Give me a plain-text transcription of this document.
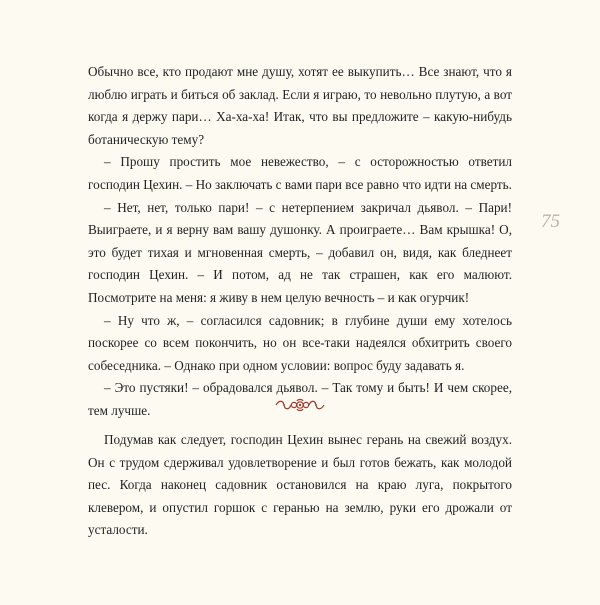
Обычно все, кто продают мне душу, хотят ее выкупить… Все знают, что я люблю играть и биться об заклад. Если я играю, то невольно плутую, а вот когда я держу пари… Ха-ха-ха! Итак, что вы предложите – какую-нибудь ботаническую тему?

– Прошу простить мое невежество, – с осторожностью ответил господин Цехин. – Но заключать с вами пари все равно что идти на смерть.

– Нет, нет, только пари! – с нетерпением закричал дьявол. – Пари! Выиграете, и я верну вам вашу душонку. А проиграете… Вам крышка! О, это будет тихая и мгновенная смерть, – добавил он, видя, как бледнеет господин Цехин. – И потом, ад не так страшен, как его малюют. Посмотрите на меня: я живу в нем целую вечность – и как огурчик!

– Ну что ж, – согласился садовник; в глубине души ему хотелось поскорее со всем покончить, но он все-таки надеялся обхитрить своего собеседника. – Однако при одном условии: вопрос буду задавать я.

– Это пустяки! – обрадовался дьявол. – Так тому и быть! И чем скорее, тем лучше.

75

Подумав как следует, господин Цехин вынес герань на свежий воздух. Он с трудом сдерживал удовлетворение и был готов бежать, как молодой пес. Когда наконец садовник остановился на краю луга, покрытого клевером, и опустил горшок с геранью на землю, руки его дрожали от усталости.
